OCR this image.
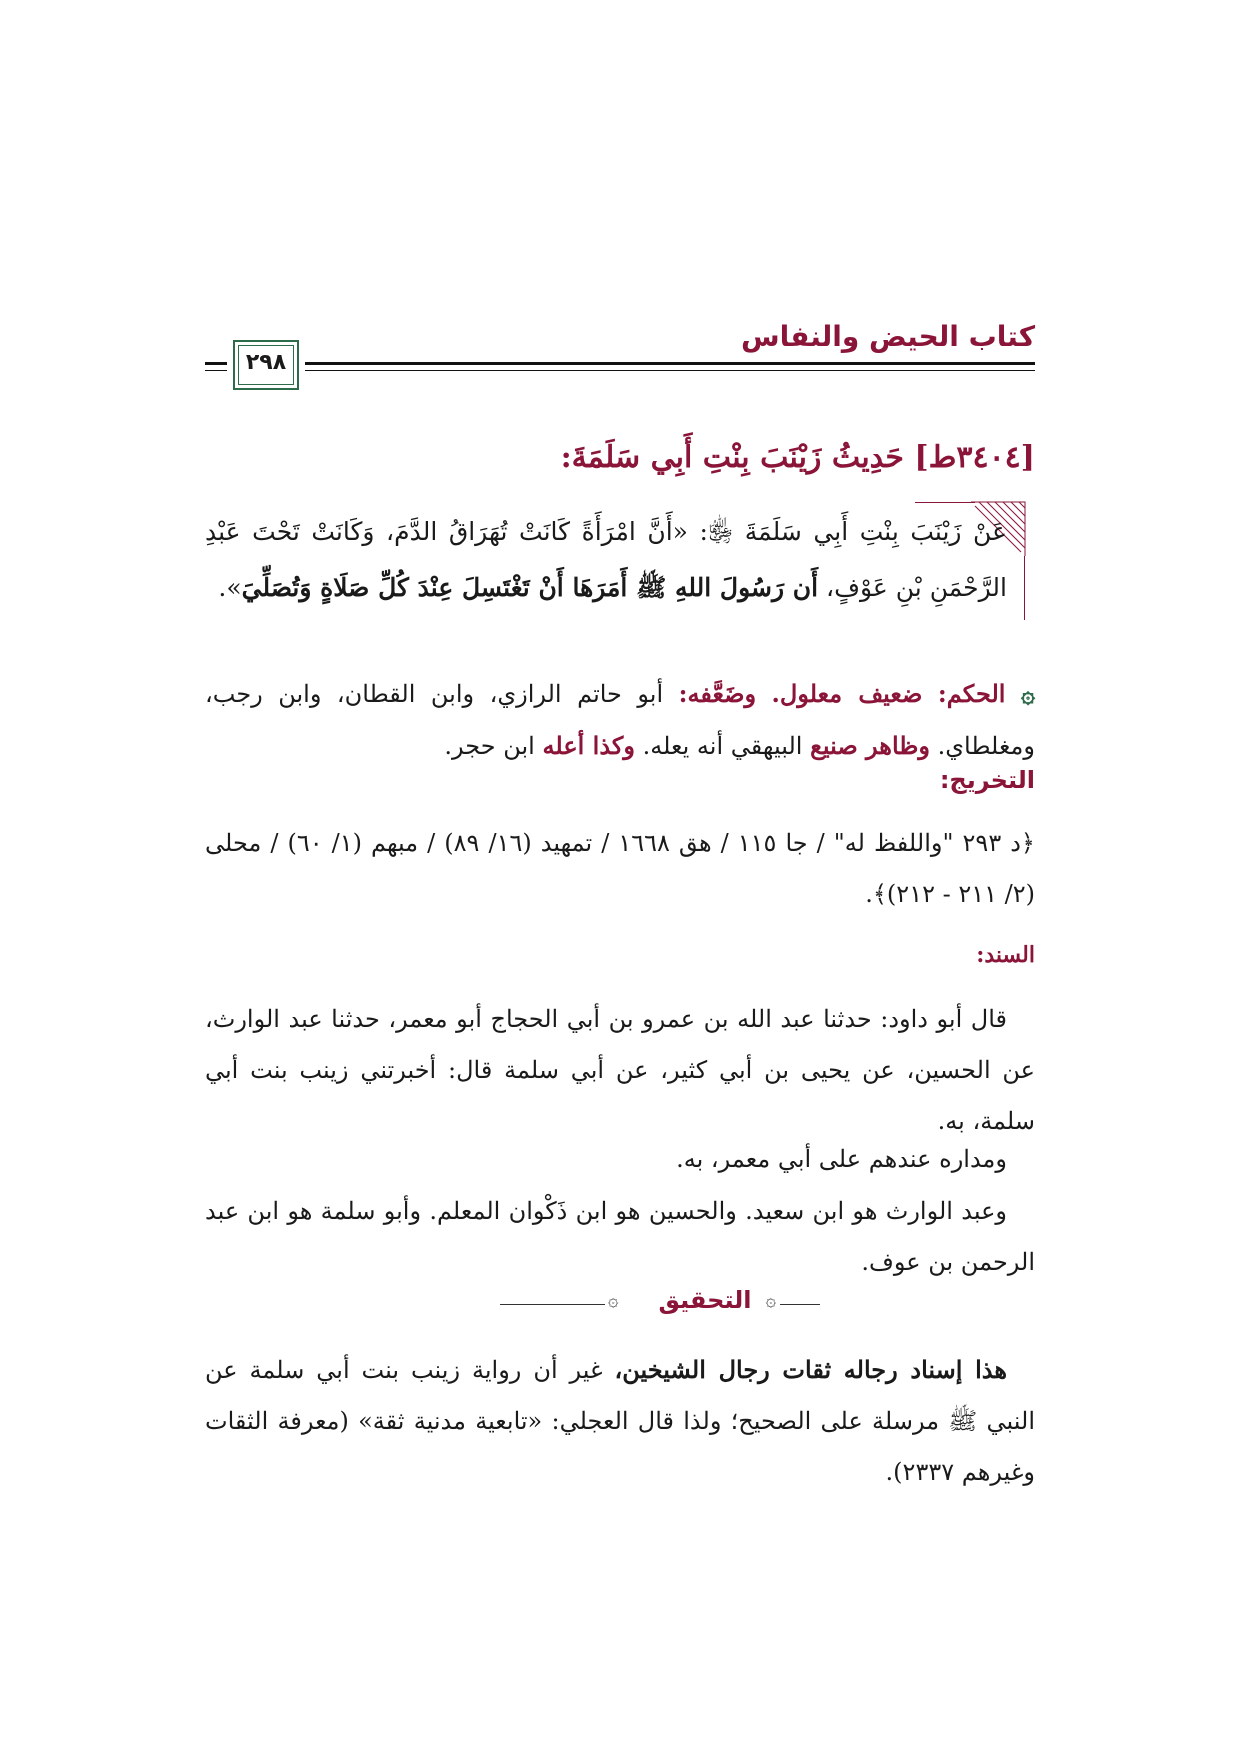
كتاب الحيض والنفاس
٢٩٨
[٣٤٠٤ط] حَدِيثُ زَيْنَبَ بِنْتِ أَبِي سَلَمَةَ:
عَنْ زَيْنَبَ بِنْتِ أَبِي سَلَمَةَ ﵂: «أَنَّ امْرَأَةً كَانَتْ تُهَرَاقُ الدَّمَ، وَكَانَتْ تَحْتَ عَبْدِ الرَّحْمَنِ بْنِ عَوْفٍ، أَن رَسُولَ اللهِ ﷺ أَمَرَهَا أَنْ تَغْتَسِلَ عِنْدَ كُلِّ صَلَاةٍ وَتُصَلِّيَ».
۞ الحكم: ضعيف معلول. وضَعَّفه: أبو حاتم الرازي، وابن القطان، وابن رجب، ومغلطاي. وظاهر صنيع البيهقي أنه يعله. وكذا أعله ابن حجر.
التخريج:
﴿د ٢٩٣ "واللفظ له" / جا ١١٥ / هق ١٦٦٨ / تمهيد (١٦/ ٨٩) / مبهم (١/ ٦٠) / محلى (٢/ ٢١١ - ٢١٢)﴾.
السند:
قال أبو داود: حدثنا عبد الله بن عمرو بن أبي الحجاج أبو معمر، حدثنا عبد الوارث، عن الحسين، عن يحيى بن أبي كثير، عن أبي سلمة قال: أخبرتني زينب بنت أبي سلمة، به.
ومداره عندهم على أبي معمر، به.
وعبد الوارث هو ابن سعيد. والحسين هو ابن ذَكْوان المعلم. وأبو سلمة هو ابن عبد الرحمن بن عوف.
۞	التحقيق ۞
هذا إسناد رجاله ثقات رجال الشيخين، غير أن رواية زينب بنت أبي سلمة عن النبي ﷺ مرسلة على الصحيح؛ ولذا قال العجلي: «تابعية مدنية ثقة» (معرفة الثقات وغيرهم ٢٣٣٧).
